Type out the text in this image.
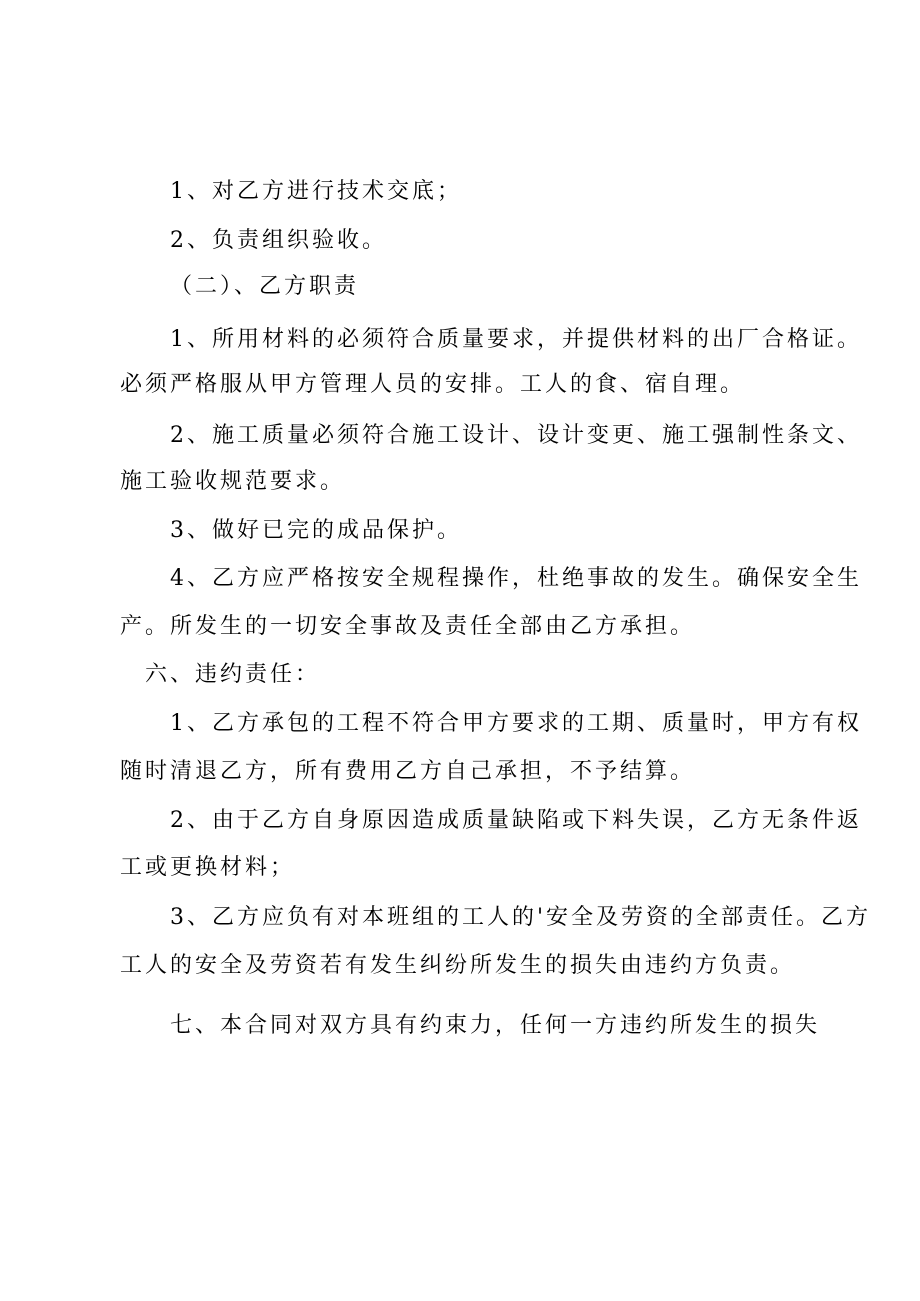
1、对乙方进行技术交底；
2、负责组织验收。
（二）、乙方职责
1、所用材料的必须符合质量要求，并提供材料的出厂合格证。
必须严格服从甲方管理人员的安排。工人的食、宿自理。
2、施工质量必须符合施工设计、设计变更、施工强制性条文、
施工验收规范要求。
3、做好已完的成品保护。
4、乙方应严格按安全规程操作，杜绝事故的发生。确保安全生
产。所发生的一切安全事故及责任全部由乙方承担。
六、违约责任：
1、乙方承包的工程不符合甲方要求的工期、质量时，甲方有权
随时清退乙方，所有费用乙方自己承担，不予结算。
2、由于乙方自身原因造成质量缺陷或下料失误，乙方无条件返
工或更换材料；
3、乙方应负有对本班组的工人的'安全及劳资的全部责任。乙方
工人的安全及劳资若有发生纠纷所发生的损失由违约方负责。
七、本合同对双方具有约束力，任何一方违约所发生的损失
